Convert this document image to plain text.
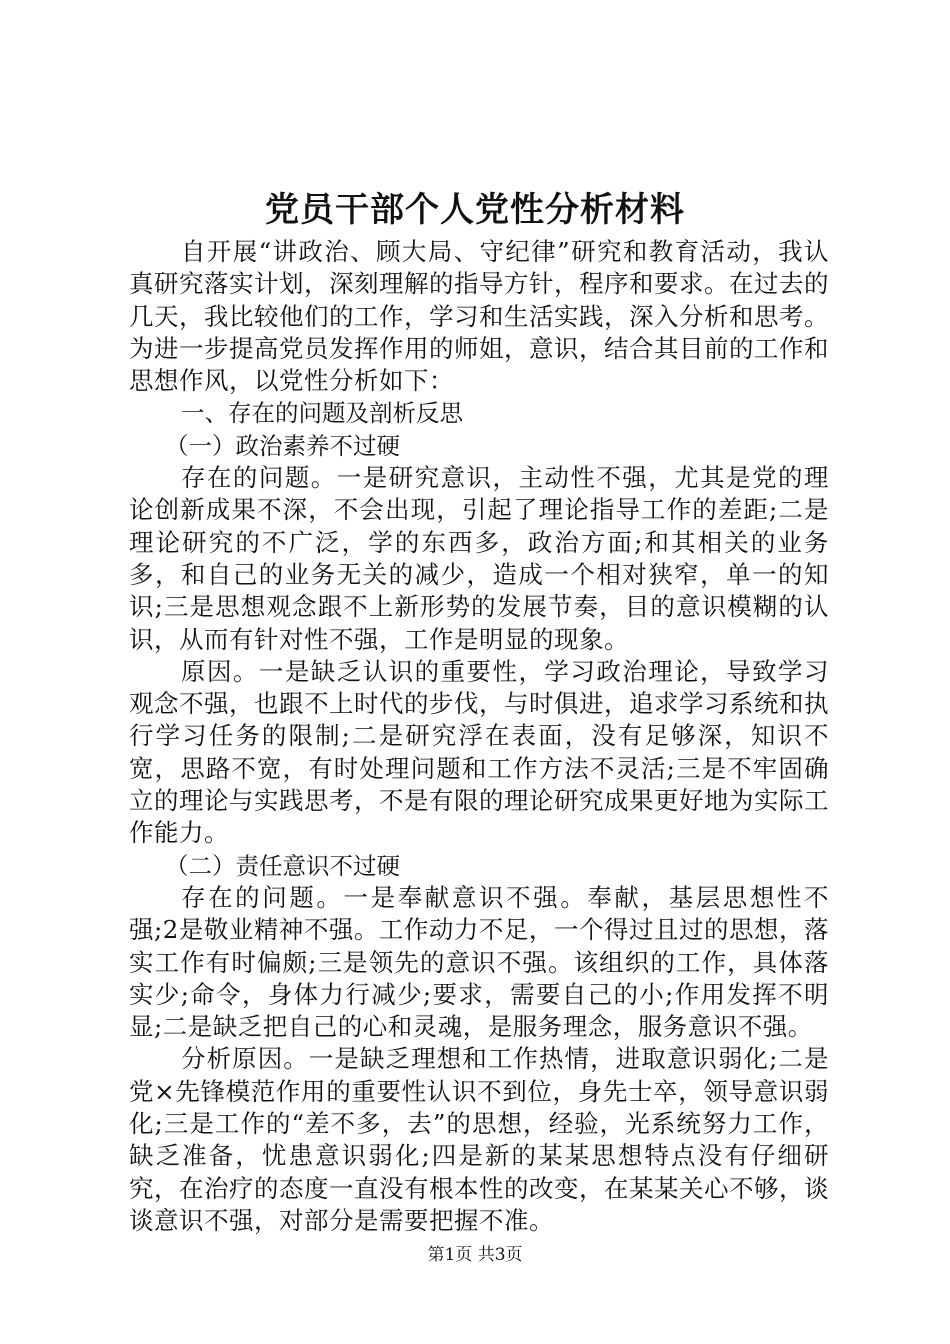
党员干部个人党性分析材料

自开展“讲政治、顾大局、守纪律”研究和教育活动，我认真研究落实计划，深刻理解的指导方针，程序和要求。在过去的几天，我比较他们的工作，学习和生活实践，深入分析和思考。为进一步提高党员发挥作用的师姐，意识，结合其目前的工作和思想作风，以党性分析如下：

一、存在的问题及剖析反思

（一）政治素养不过硬

存在的问题。一是研究意识，主动性不强，尤其是党的理论创新成果不深，不会出现，引起了理论指导工作的差距;二是理论研究的不广泛，学的东西多，政治方面;和其相关的业务多，和自己的业务无关的减少，造成一个相对狭窄，单一的知识;三是思想观念跟不上新形势的发展节奏，目的意识模糊的认识，从而有针对性不强，工作是明显的现象。

原因。一是缺乏认识的重要性，学习政治理论，导致学习观念不强，也跟不上时代的步伐，与时俱进，追求学习系统和执行学习任务的限制;二是研究浮在表面，没有足够深，知识不宽，思路不宽，有时处理问题和工作方法不灵活;三是不牢固确立的理论与实践思考，不是有限的理论研究成果更好地为实际工作能力。

（二）责任意识不过硬

存在的问题。一是奉献意识不强。奉献，基层思想性不强;2是敬业精神不强。工作动力不足，一个得过且过的思想，落实工作有时偏颇;三是领先的意识不强。该组织的工作，具体落实少;命令，身体力行减少;要求，需要自己的小;作用发挥不明显;二是缺乏把自己的心和灵魂，是服务理念，服务意识不强。

分析原因。一是缺乏理想和工作热情，进取意识弱化;二是党×先锋模范作用的重要性认识不到位，身先士卒，领导意识弱化;三是工作的“差不多，去”的思想，经验，光系统努力工作，缺乏准备，忧患意识弱化;四是新的某某思想特点没有仔细研究，在治疗的态度一直没有根本性的改变，在某某关心不够，谈谈意识不强，对部分是需要把握不准。

第1页 共3页
